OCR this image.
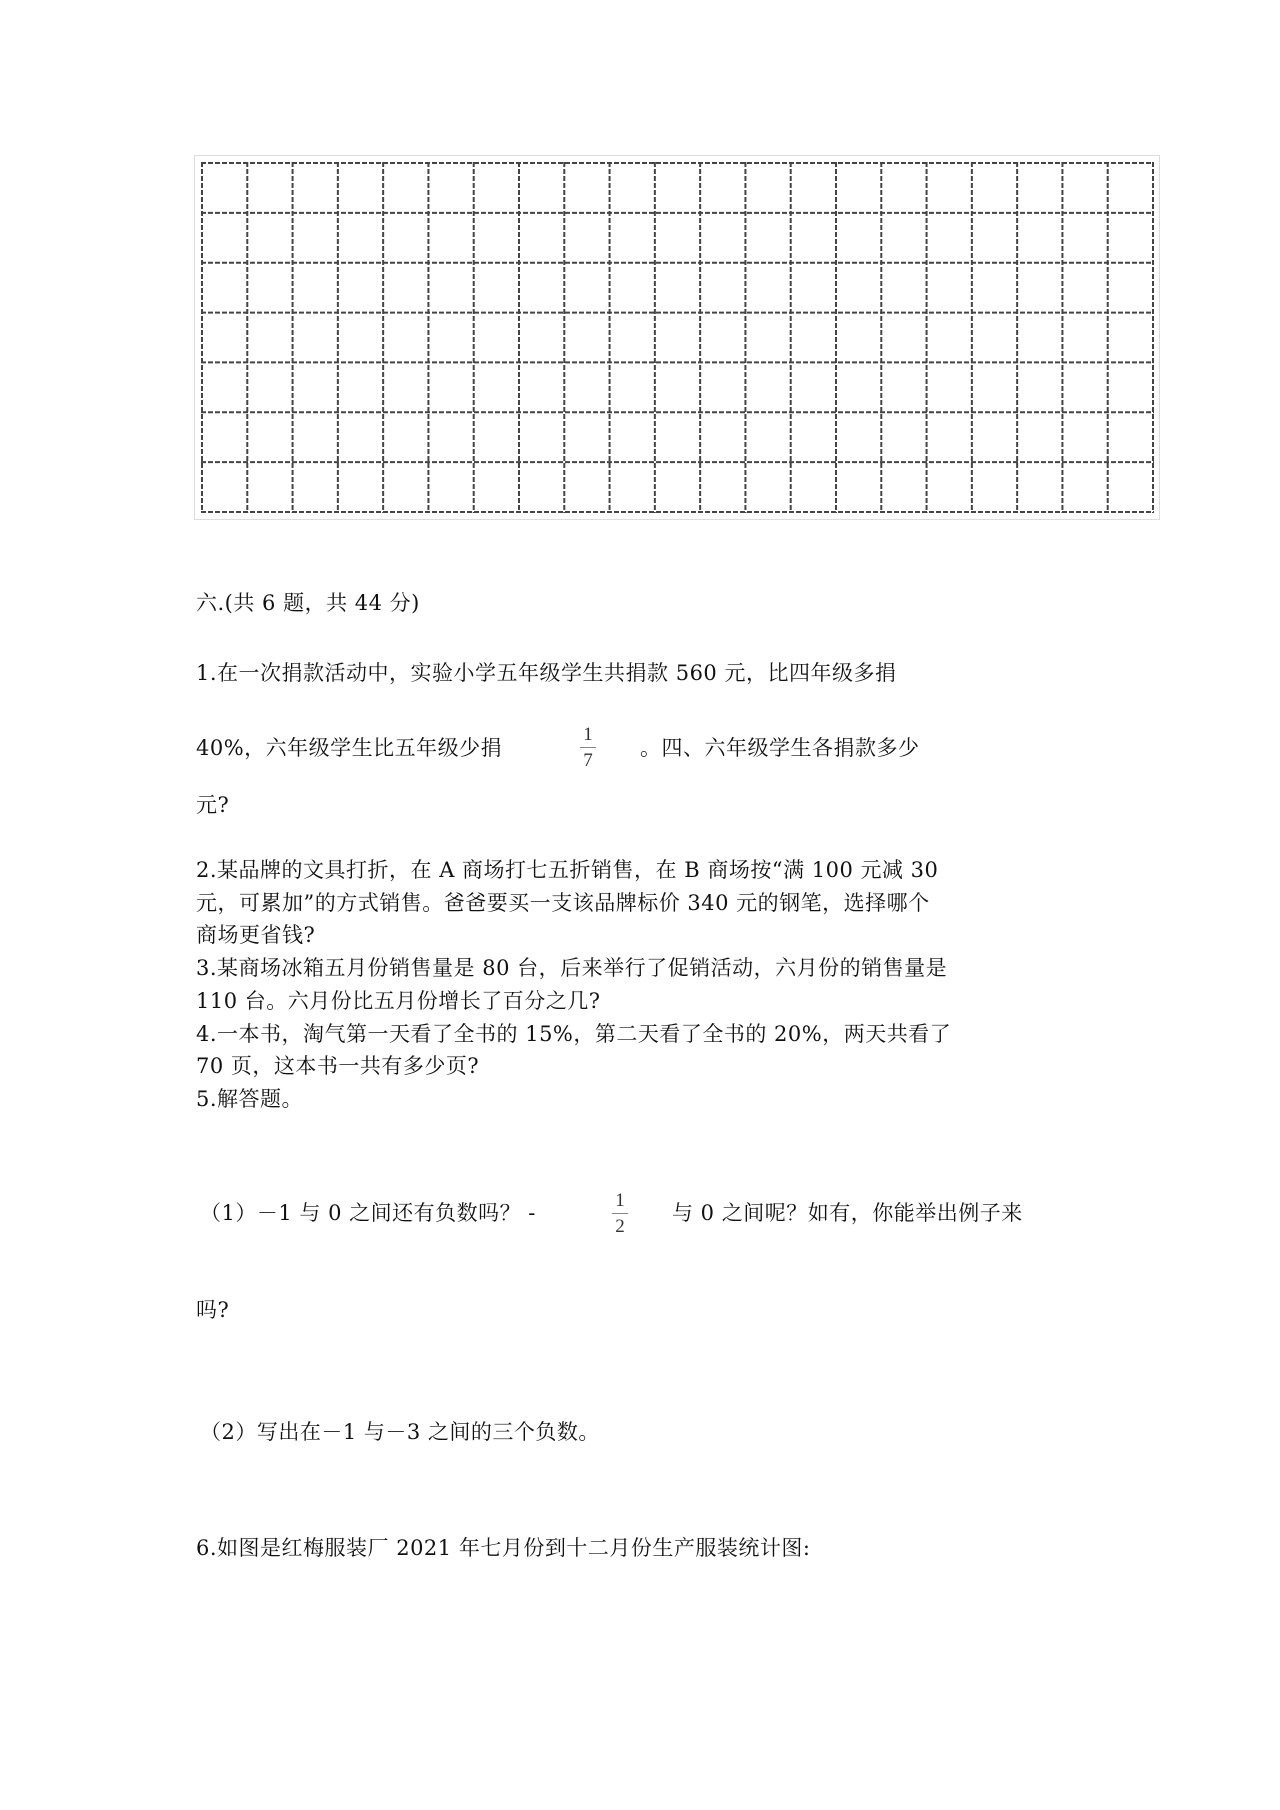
六.(共 6 题，共 44 分)
1.在一次捐款活动中，实验小学五年级学生共捐款 560 元，比四年级多捐
40%，六年级学生比五年级少捐
1
7
。四、六年级学生各捐款多少
元?
2.某品牌的文具打折，在 A 商场打七五折销售，在 B 商场按“满 100 元减 30
元，可累加”的方式销售。爸爸要买一支该品牌标价 340 元的钢笔，选择哪个
商场更省钱?
3.某商场冰箱五月份销售量是 80 台，后来举行了促销活动，六月份的销售量是
110 台。六月份比五月份增长了百分之几?
4.一本书，淘气第一天看了全书的 15%，第二天看了全书的 20%，两天共看了
70 页，这本书一共有多少页?
5.解答题。
（1）－1 与 0 之间还有负数吗？ -
1
2
与 0 之间呢？如有，你能举出例子来
吗?
（2）写出在－1 与－3 之间的三个负数。
6.如图是红梅服装厂 2021 年七月份到十二月份生产服装统计图:
